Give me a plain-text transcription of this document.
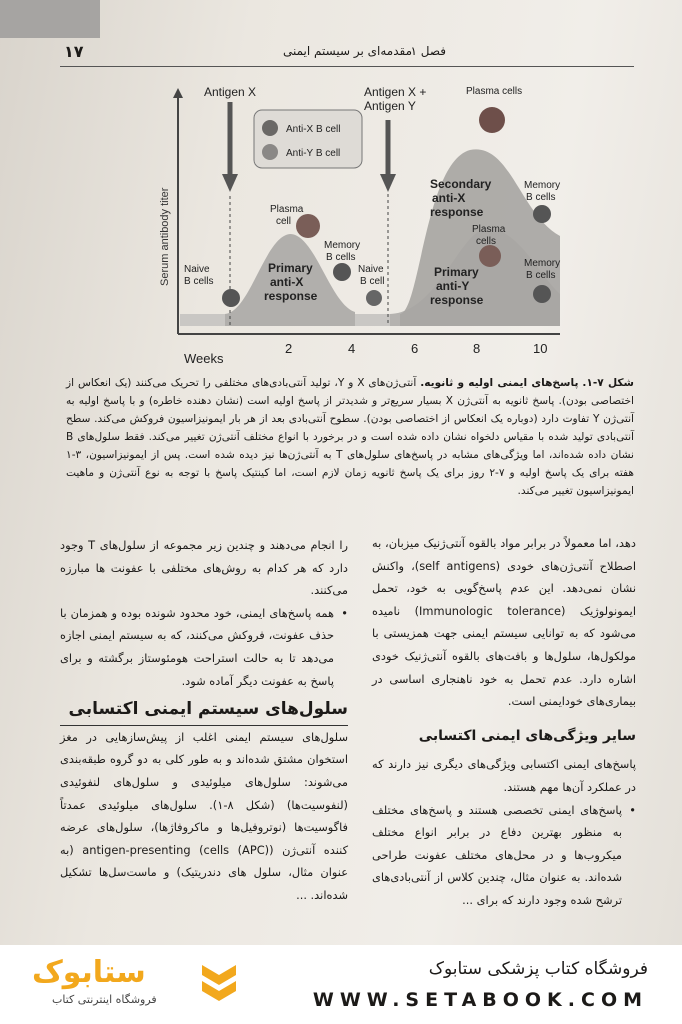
۱۷	فصل ۱
مقدمه‌ای بر سیستم ایمنی
Serum antibody titer
Weeks
2	4	6	8	10
Antigen X	Antigen X +
Antigen Y
Anti-X B cell
Anti-Y B cell
Naive
B cells
Plasma
cell
Memory
B cells
Naive
B cell
Plasma cells
Memory
B cells
Plasma
cells
Memory
B cells
Primary
anti-X
response
Secondary
anti-X
response
Primary
anti-Y
response
شکل ۷-۱. پاسخ‌های ایمنی اولیه و ثانویه. آنتی‌ژن‌های X و Y، تولید آنتی‌بادی‌های مختلفی را تحریک می‌کنند (یک انعکاس از اختصاصی بودن). پاسخ ثانویه به آنتی‌ژن X بسیار سریع‌تر و شدیدتر از پاسخ اولیه است (نشان دهنده خاطره) و با پاسخ اولیه به آنتی‌ژن Y تفاوت دارد (دوباره یک انعکاس از اختصاصی بودن). سطوح آنتی‌بادی بعد از هر بار ایمونیزاسیون فروکش می‌کند. سطح آنتی‌بادی تولید شده با مقیاس دلخواه نشان داده شده است و در برخورد با انواع مختلف آنتی‌ژن تغییر می‌کند. فقط سلول‌های B نشان داده شده‌اند، اما ویژگی‌های مشابه در پاسخ‌های سلول‌های T به آنتی‌ژن‌ها نیز دیده شده است. پس از ایمونیزاسیون، ۳-۱ هفته برای یک پاسخ اولیه و ۷-۲ روز برای یک پاسخ ثانویه زمان لازم است، اما کینتیک پاسخ با توجه به نوع آنتی‌ژن و ماهیت ایمونیزاسیون تغییر می‌کند.

دهد، اما معمولاً در برابر مواد بالقوه آنتی‌ژنیک میزبان، به اصطلاح آنتی‌ژن‌های خودی (self antigens)، واکنش نشان نمی‌دهد. این عدم پاسخ‌گویی به خود، تحمل ایمونولوژیک (Immunologic tolerance) نامیده می‌شود که به توانایی سیستم ایمنی جهت همزیستی با مولکول‌ها، سلول‌ها و بافت‌های بالقوه آنتی‌ژنیک خودی اشاره دارد. عدم تحمل به خود ناهنجاری اساسی در بیماری‌های خودایمنی است.

سایر ویژگی‌های ایمنی اکتسابی

پاسخ‌های ایمنی اکتسابی ویژگی‌های دیگری نیز دارند که در عملکرد آن‌ها مهم هستند.

• پاسخ‌های ایمنی تخصصی هستند و پاسخ‌های مختلف به منظور بهترین دفاع در برابر انواع مختلف میکروب‌ها و در محل‌های مختلف عفونت طراحی شده‌اند. به عنوان مثال، چندین کلاس از آنتی‌بادی‌های ترشح شده وجود دارند که برای ...

را انجام می‌دهند و چندین زیر مجموعه از سلول‌های T وجود دارد که هر کدام به روش‌های مختلفی با عفونت ها مبارزه می‌کنند.

• همه پاسخ‌های ایمنی، خود محدود شونده بوده و همزمان با حذف عفونت، فروکش می‌کنند، که به سیستم ایمنی اجازه می‌دهد تا به حالت استراحت هومئوستاز برگشته و برای پاسخ به عفونت دیگر آماده شود.

سلول‌های سیستم ایمنی اکتسابی

سلول‌های سیستم ایمنی اغلب از پیش‌سازهایی در مغز استخوان مشتق شده‌اند و به طور کلی به دو گروه طبقه‌بندی می‌شوند: سلول‌های میلوئیدی و سلول‌های لنفوئیدی (لنفوسیت‌ها) (شکل ۸-۱). سلول‌های میلوئیدی عمدتاً فاگوسیت‌ها (نوتروفیل‌ها و ماکروفاژها)، سلول‌های عرضه کننده آنتی‌ژن (antigen-presenting (cells (APC) (به عنوان مثال، سلول های دندریتیک) و ماست‌سل‌ها تشکیل شده‌اند. ...

ستابوک
فروشگاه اینترنتی کتاب
فروشگاه کتاب پزشکی ستابوک
WWW.SETABOOK.COM
